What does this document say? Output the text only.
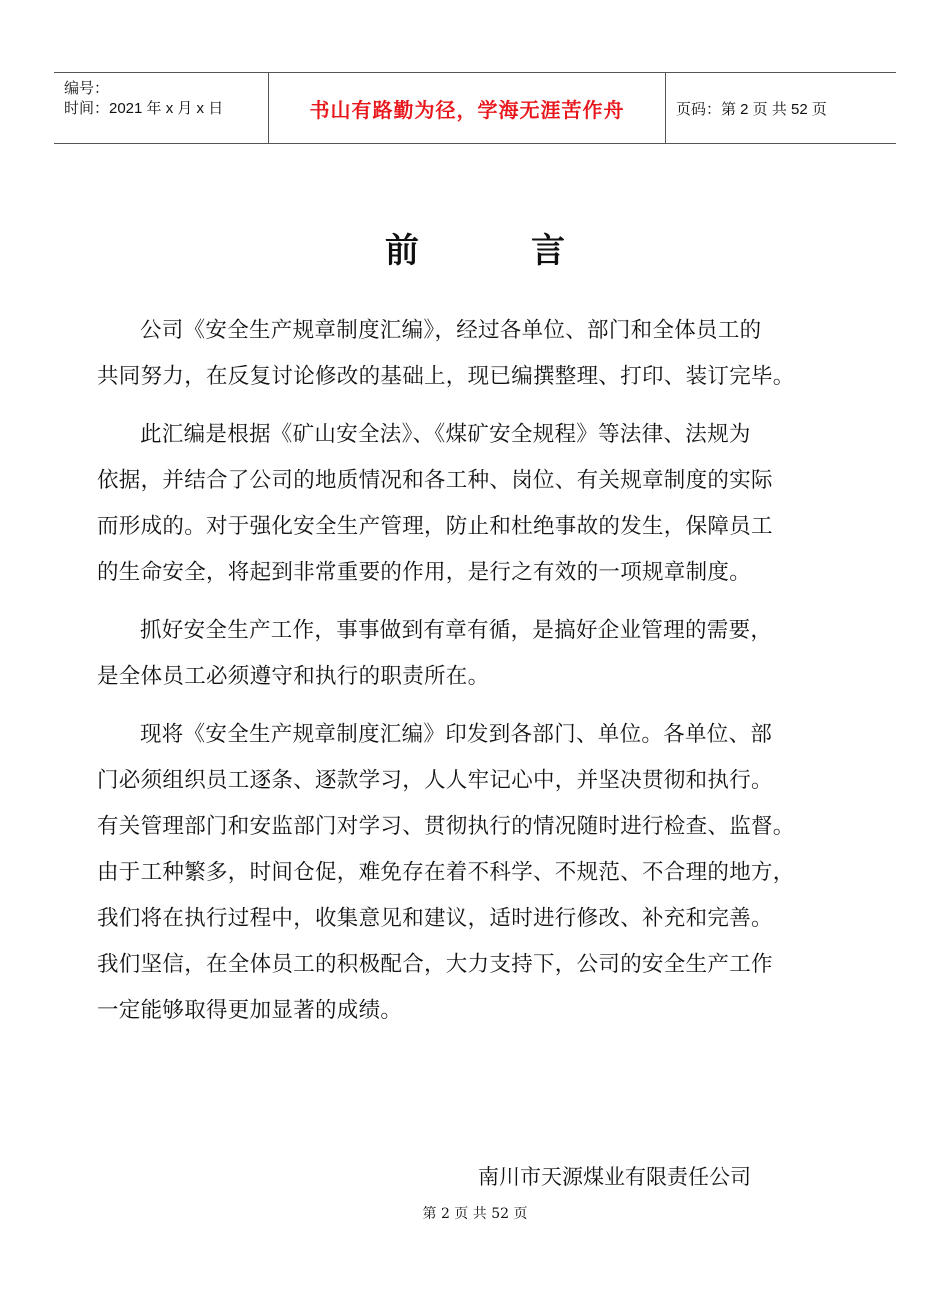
编号：
时间：2021 年 x 月 x 日	书山有路勤为径，学海无涯苦作舟	页码：第 2 页 共 52 页
前言

公司《安全生产规章制度汇编》，经过各单位、部门和全体员工的
共同努力，在反复讨论修改的基础上，现已编撰整理、打印、装订完毕。

此汇编是根据《矿山安全法》、《煤矿安全规程》等法律、法规为
依据，并结合了公司的地质情况和各工种、岗位、有关规章制度的实际
而形成的。对于强化安全生产管理，防止和杜绝事故的发生，保障员工
的生命安全，将起到非常重要的作用，是行之有效的一项规章制度。

抓好安全生产工作，事事做到有章有循，是搞好企业管理的需要，
是全体员工必须遵守和执行的职责所在。

现将《安全生产规章制度汇编》印发到各部门、单位。各单位、部
门必须组织员工逐条、逐款学习，人人牢记心中，并坚决贯彻和执行。
有关管理部门和安监部门对学习、贯彻执行的情况随时进行检查、监督。
由于工种繁多，时间仓促，难免存在着不科学、不规范、不合理的地方，
我们将在执行过程中，收集意见和建议，适时进行修改、补充和完善。
我们坚信，在全体员工的积极配合，大力支持下，公司的安全生产工作
一定能够取得更加显著的成绩。

南川市天源煤业有限责任公司
第 2 页 共 52 页
